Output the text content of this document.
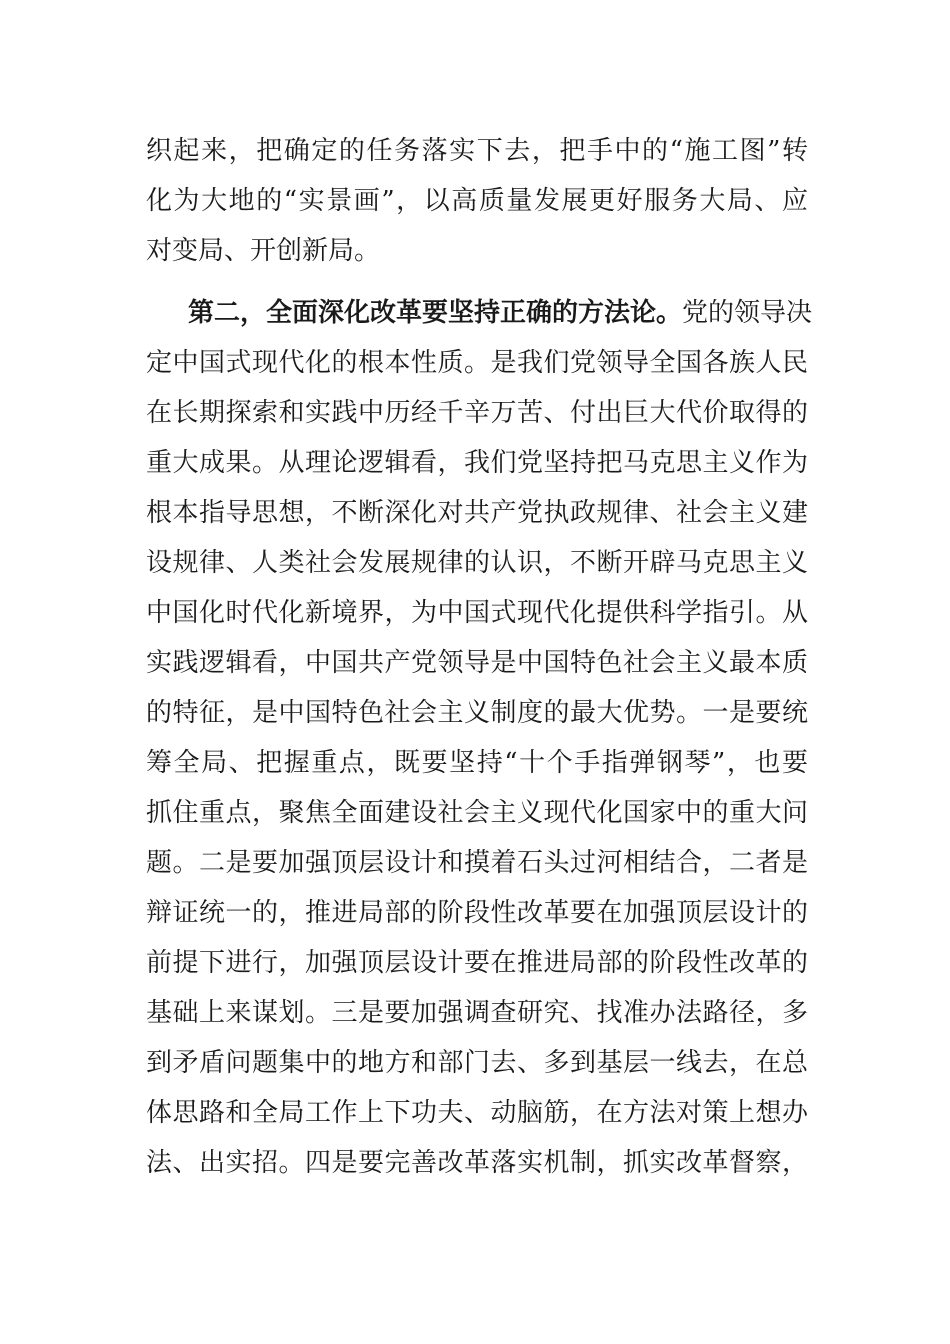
织起来，把确定的任务落实下去，把手中的“施工图”转
化为大地的“实景画”，以高质量发展更好服务大局、应
对变局、开创新局。
第二，全面深化改革要坚持正确的方法论。党的领导决
定中国式现代化的根本性质。是我们党领导全国各族人民
在长期探索和实践中历经千辛万苦、付出巨大代价取得的
重大成果。从理论逻辑看，我们党坚持把马克思主义作为
根本指导思想，不断深化对共产党执政规律、社会主义建
设规律、人类社会发展规律的认识，不断开辟马克思主义
中国化时代化新境界，为中国式现代化提供科学指引。从
实践逻辑看，中国共产党领导是中国特色社会主义最本质
的特征，是中国特色社会主义制度的最大优势。一是要统
筹全局、把握重点，既要坚持“十个手指弹钢琴”，也要
抓住重点，聚焦全面建设社会主义现代化国家中的重大问
题。二是要加强顶层设计和摸着石头过河相结合，二者是
辩证统一的，推进局部的阶段性改革要在加强顶层设计的
前提下进行，加强顶层设计要在推进局部的阶段性改革的
基础上来谋划。三是要加强调查研究、找准办法路径，多
到矛盾问题集中的地方和部门去、多到基层一线去，在总
体思路和全局工作上下功夫、动脑筋，在方法对策上想办
法、出实招。四是要完善改革落实机制，抓实改革督察，
